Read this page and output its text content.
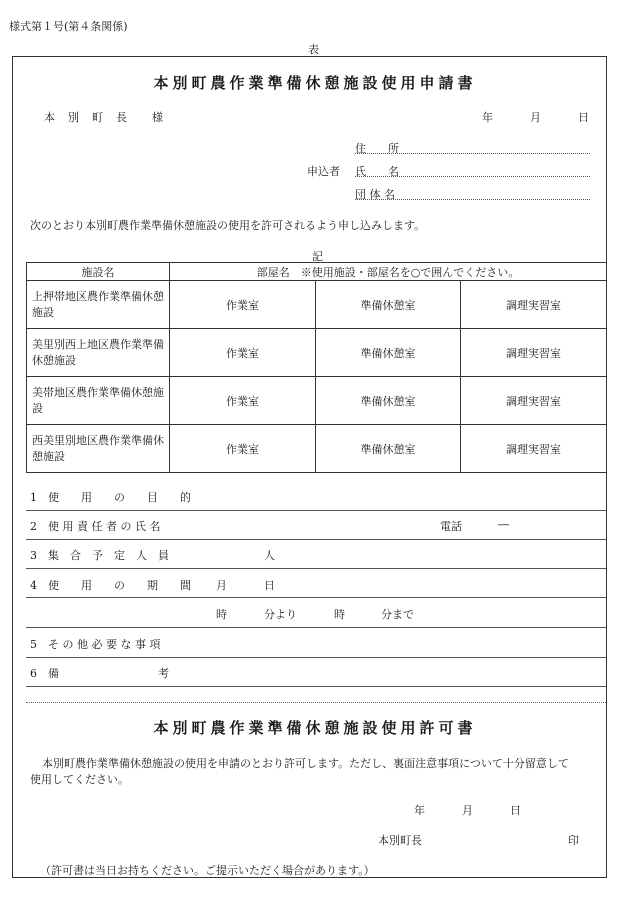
様式第１号(第４条関係)
表
本別町農作業準備休憩施設使用申請書
本　別　町　長　　様	年	月	日
住　　所
申込者 氏　　名
団 体 名
次のとおり本別町農作業準備休憩施設の使用を許可されるよう申し込みします。
記
施設名	部屋名　※使用施設・部屋名を○で囲んでください。		
上押帯地区農作業準備休憩施設	作業室	準備休憩室	調理実習室
美里別西上地区農作業準備休憩施設	作業室	準備休憩室	調理実習室
美帯地区農作業準備休憩施設	作業室	準備休憩室	調理実習室
西美里別地区農作業準備休憩施設	作業室	準備休憩室	調理実習室
1　使　　用　　の　　目　　的
2　使 用 責 任 者 の 氏 名	電話	―
3　集　合　予　定　人　員	人
4　使　　用　　の　　期　　間 月	日
時	分より	時	分まで
5　そ の 他 必 要 な 事 項
6　備　　　　　　　　　考
本別町農作業準備休憩施設使用許可書
本別町農作業準備休憩施設の使用を申請のとおり許可します。ただし、裏面注意事項について十分留意して
使用してください。
年	月	日
本別町長	印
（許可書は当日お持ちください。ご提示いただく場合があります。）
